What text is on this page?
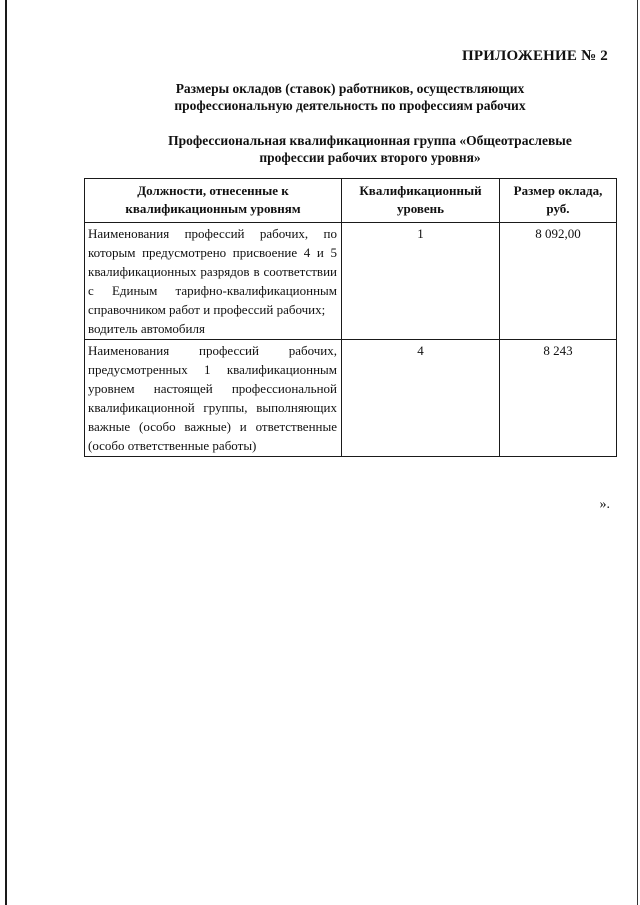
ПРИЛОЖЕНИЕ № 2
Размеры окладов (ставок) работников, осуществляющих профессиональную деятельность по профессиям рабочих
Профессиональная квалификационная группа «Общеотраслевые профессии рабочих второго уровня»
Должности, отнесенные к квалификационным уровням	Квалификационный уровень	Размер оклада, руб.

Наименования профессий рабочих, по которым предусмотрено присвоение 4 и 5 квалификационных разрядов в соответствии с Единым тарифно-квалификационным справочником работ и профессий рабочих;
водитель автомобиля	1	8 092,00

Наименования профессий рабочих, предусмотренных 1 квалификационным уровнем настоящей профессиональной квалификационной группы, выполняющих важные (особо важные) и ответственные (особо ответственные работы)	4	8 243
».
